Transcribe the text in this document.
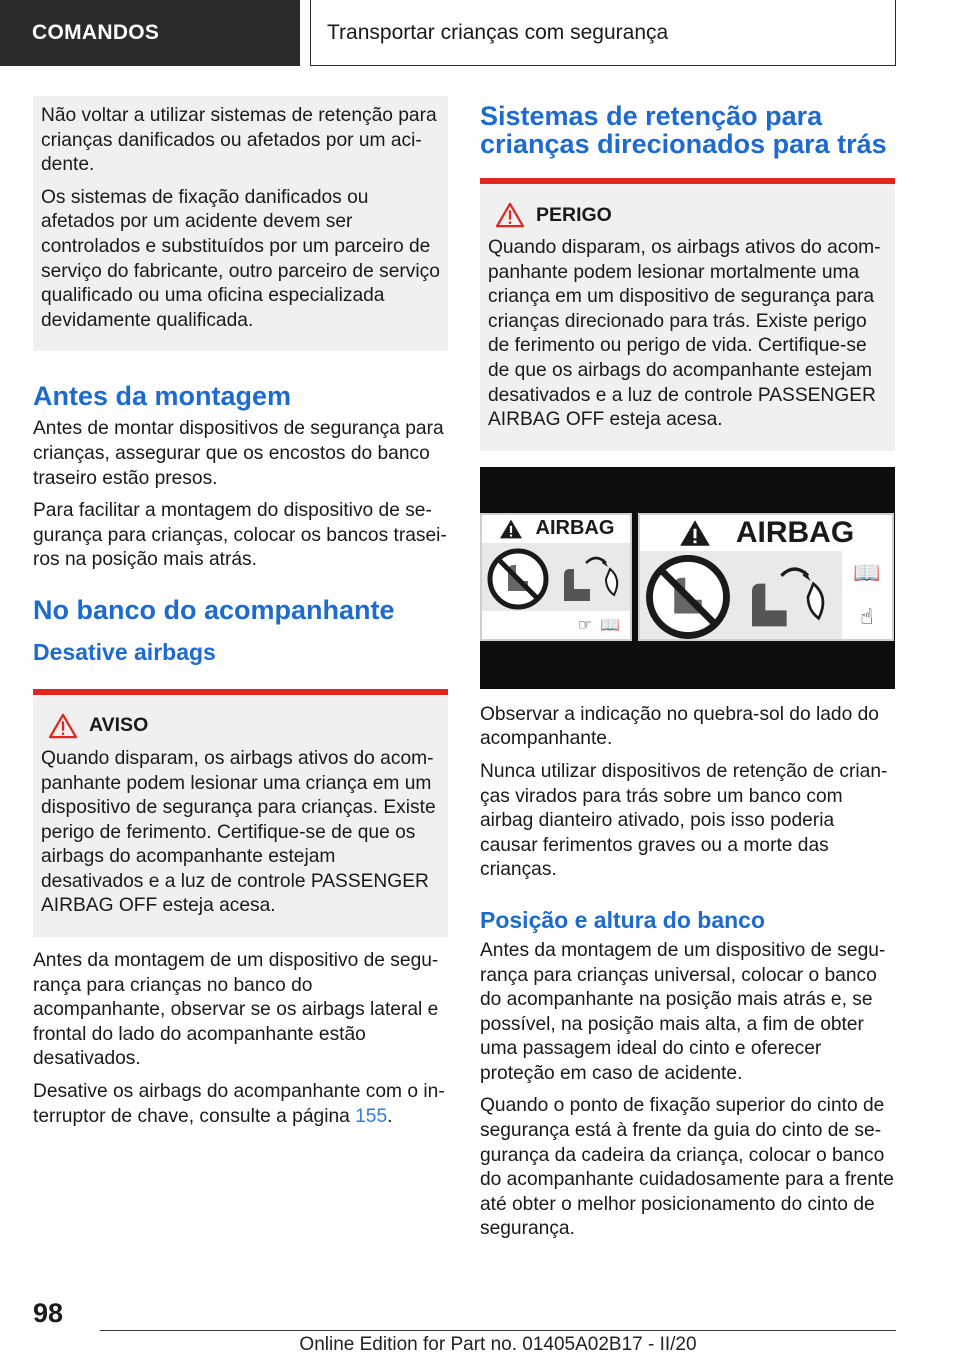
COMANDOS	Transportar crianças com segurança

Não voltar a utilizar sistemas de retenção para crianças danificados ou afetados por um acidente.

Os sistemas de fixação danificados ou afetados por um acidente devem ser controlados e substituídos por um parceiro de serviço do fabricante, outro parceiro de serviço qualificado ou uma oficina especializada devidamente qualificada.

Antes da montagem

Antes de montar dispositivos de segurança para crianças, assegurar que os encostos do banco traseiro estão presos.

Para facilitar a montagem do dispositivo de segurança para crianças, colocar os bancos traseiros na posição mais atrás.

No banco do acompanhante
Desative airbags
AVISO

Quando disparam, os airbags ativos do acompanhante podem lesionar uma criança em um dispositivo de segurança para crianças. Existe perigo de ferimento. Certifique-se de que os airbags do acompanhante estejam desativados e a luz de controle PASSENGER AIRBAG OFF esteja acesa.

Antes da montagem de um dispositivo de segurança para crianças no banco do acompanhante, observar se os airbags lateral e frontal do lado do acompanhante estão desativados.

Desative os airbags do acompanhante com o interruptor de chave, consulte a página 155.

Sistemas de retenção para crianças direcionados para trás
PERIGO

Quando disparam, os airbags ativos do acompanhante podem lesionar mortalmente uma criança em um dispositivo de segurança para crianças direcionado para trás. Existe perigo de ferimento ou perigo de vida. Certifique-se de que os airbags do acompanhante estejam desativados e a luz de controle PASSENGER AIRBAG OFF esteja acesa.

AIRBAG
☞ 📖
AIRBAG
📖
☝

Observar a indicação no quebra-sol do lado do acompanhante.

Nunca utilizar dispositivos de retenção de crianças virados para trás sobre um banco com airbag dianteiro ativado, pois isso poderia causar ferimentos graves ou a morte das crianças.

Posição e altura do banco

Antes da montagem de um dispositivo de segurança para crianças universal, colocar o banco do acompanhante na posição mais atrás e, se possível, na posição mais alta, a fim de obter uma passagem ideal do cinto e oferecer proteção em caso de acidente.

Quando o ponto de fixação superior do cinto de segurança está à frente da guia do cinto de segurança da cadeira da criança, colocar o banco do acompanhante cuidadosamente para a frente até obter o melhor posicionamento do cinto de segurança.

98
Online Edition for Part no. 01405A02B17 - II/20
